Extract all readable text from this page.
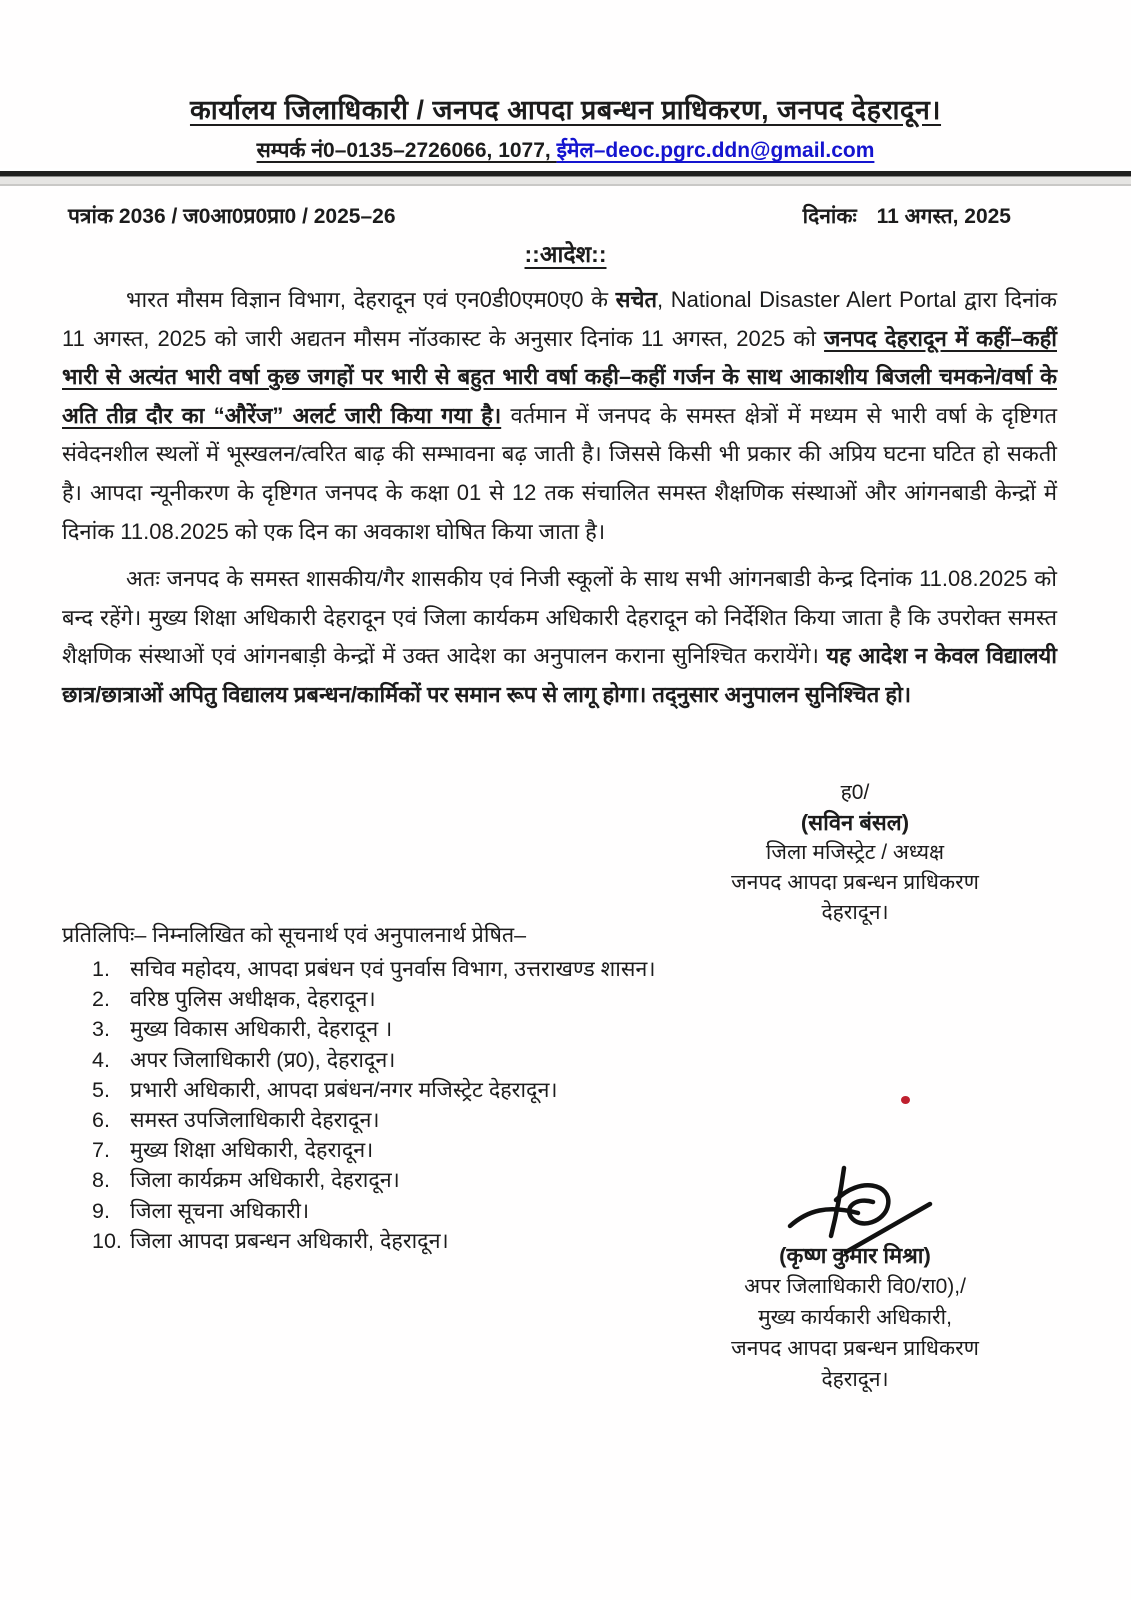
कार्यालय जिलाधिकारी / जनपद आपदा प्रबन्धन प्राधिकरण, जनपद देहरादून।
सम्पर्क नं0–0135–2726066, 1077, ईमेल–deoc.pgrc.ddn@gmail.com
पत्रांक 2036 / ज0आ0प्र0प्रा0 / 2025–26	दिनांकः 11 अगस्त, 2025
::आदेश::
भारत मौसम विज्ञान विभाग, देहरादून एवं एन0डी0एम0ए0 के सचेत, National Disaster Alert Portal द्वारा दिनांक 11 अगस्त, 2025 को जारी अद्यतन मौसम नॉउकास्ट के अनुसार दिनांक 11 अगस्त, 2025 को जनपद देहरादून में कहीं–कहीं भारी से अत्यंत भारी वर्षा कुछ जगहों पर भारी से बहुत भारी वर्षा कही–कहीं गर्जन के साथ आकाशीय बिजली चमकने/वर्षा के अति तीव्र दौर का “औरेंज” अलर्ट जारी किया गया है। वर्तमान में जनपद के समस्त क्षेत्रों में मध्यम से भारी वर्षा के दृष्टिगत संवेदनशील स्थलों में भूस्खलन/त्वरित बाढ़ की सम्भावना बढ़ जाती है। जिससे किसी भी प्रकार की अप्रिय घटना घटित हो सकती है। आपदा न्यूनीकरण के दृष्टिगत जनपद के कक्षा 01 से 12 तक संचालित समस्त शैक्षणिक संस्थाओं और आंगनबाडी केन्द्रों में दिनांक 11.08.2025 को एक दिन का अवकाश घोषित किया जाता है।
अतः जनपद के समस्त शासकीय/गैर शासकीय एवं निजी स्कूलों के साथ सभी आंगनबाडी केन्द्र दिनांक 11.08.2025 को बन्द रहेंगे। मुख्य शिक्षा अधिकारी देहरादून एवं जिला कार्यकम अधिकारी देहरादून को निर्देशित किया जाता है कि उपरोक्त समस्त शैक्षणिक संस्थाओं एवं आंगनबाड़ी केन्द्रों में उक्त आदेश का अनुपालन कराना सुनिश्चित करायेंगे। यह आदेश न केवल विद्यालयी छात्र/छात्राओं अपितु विद्यालय प्रबन्धन/कार्मिकों पर समान रूप से लागू होगा। तद्नुसार अनुपालन सुनिश्चित हो।
ह0/
(सविन बंसल)
जिला मजिस्ट्रेट / अध्यक्ष
जनपद आपदा प्रबन्धन प्राधिकरण
देहरादून।
प्रतिलिपिः– निम्नलिखित को सूचनार्थ एवं अनुपालनार्थ प्रेषित–
1. सचिव महोदय, आपदा प्रबंधन एवं पुनर्वास विभाग, उत्तराखण्ड शासन।
2. वरिष्ठ पुलिस अधीक्षक, देहरादून।
3. मुख्य विकास अधिकारी, देहरादून ।
4. अपर जिलाधिकारी (प्र0), देहरादून।
5. प्रभारी अधिकारी, आपदा प्रबंधन/नगर मजिस्ट्रेट देहरादून।
6. समस्त उपजिलाधिकारी देहरादून।
7. मुख्य शिक्षा अधिकारी, देहरादून।
8. जिला कार्यक्रम अधिकारी, देहरादून।
9. जिला सूचना अधिकारी।
10. जिला आपदा प्रबन्धन अधिकारी, देहरादून।
(कृष्ण कुमार मिश्रा)
अपर जिलाधिकारी वि0/रा0),/
मुख्य कार्यकारी अधिकारी,
जनपद आपदा प्रबन्धन प्राधिकरण
देहरादून।
